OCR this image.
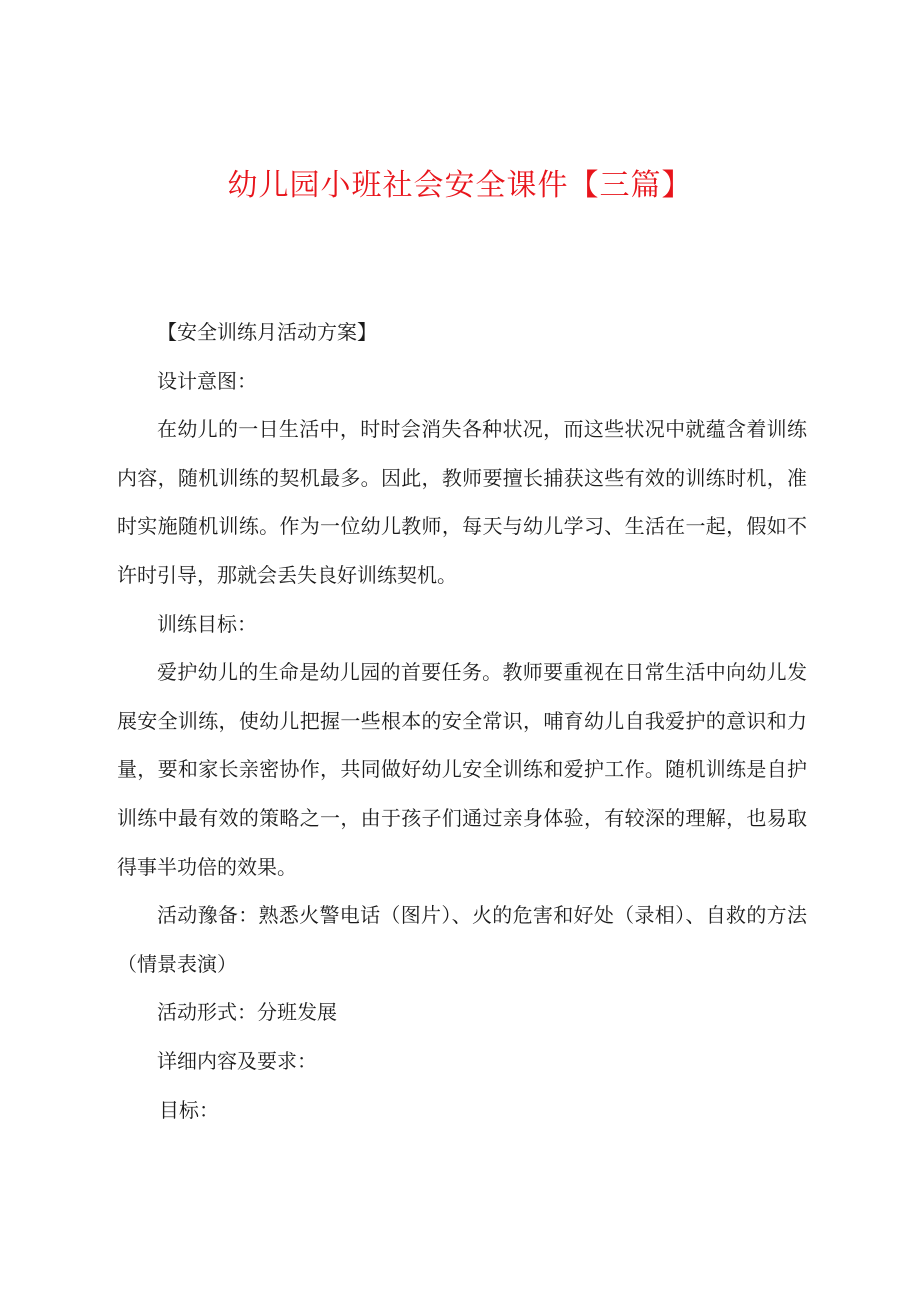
幼儿园小班社会安全课件【三篇】

【安全训练月活动方案】

设计意图：

在幼儿的一日生活中，时时会消失各种状况，而这些状况中就蕴含着训练内容，随机训练的契机最多。因此，教师要擅长捕获这些有效的训练时机，准时实施随机训练。作为一位幼儿教师，每天与幼儿学习、生活在一起，假如不许时引导，那就会丢失良好训练契机。

训练目标：

爱护幼儿的生命是幼儿园的首要任务。教师要重视在日常生活中向幼儿发展安全训练，使幼儿把握一些根本的安全常识，哺育幼儿自我爱护的意识和力量，要和家长亲密协作，共同做好幼儿安全训练和爱护工作。随机训练是自护训练中最有效的策略之一，由于孩子们通过亲身体验，有较深的理解，也易取得事半功倍的效果。

活动豫备：熟悉火警电话（图片）、火的危害和好处（录相）、自救的方法（情景表演）

活动形式：分班发展

详细内容及要求：

目标：
